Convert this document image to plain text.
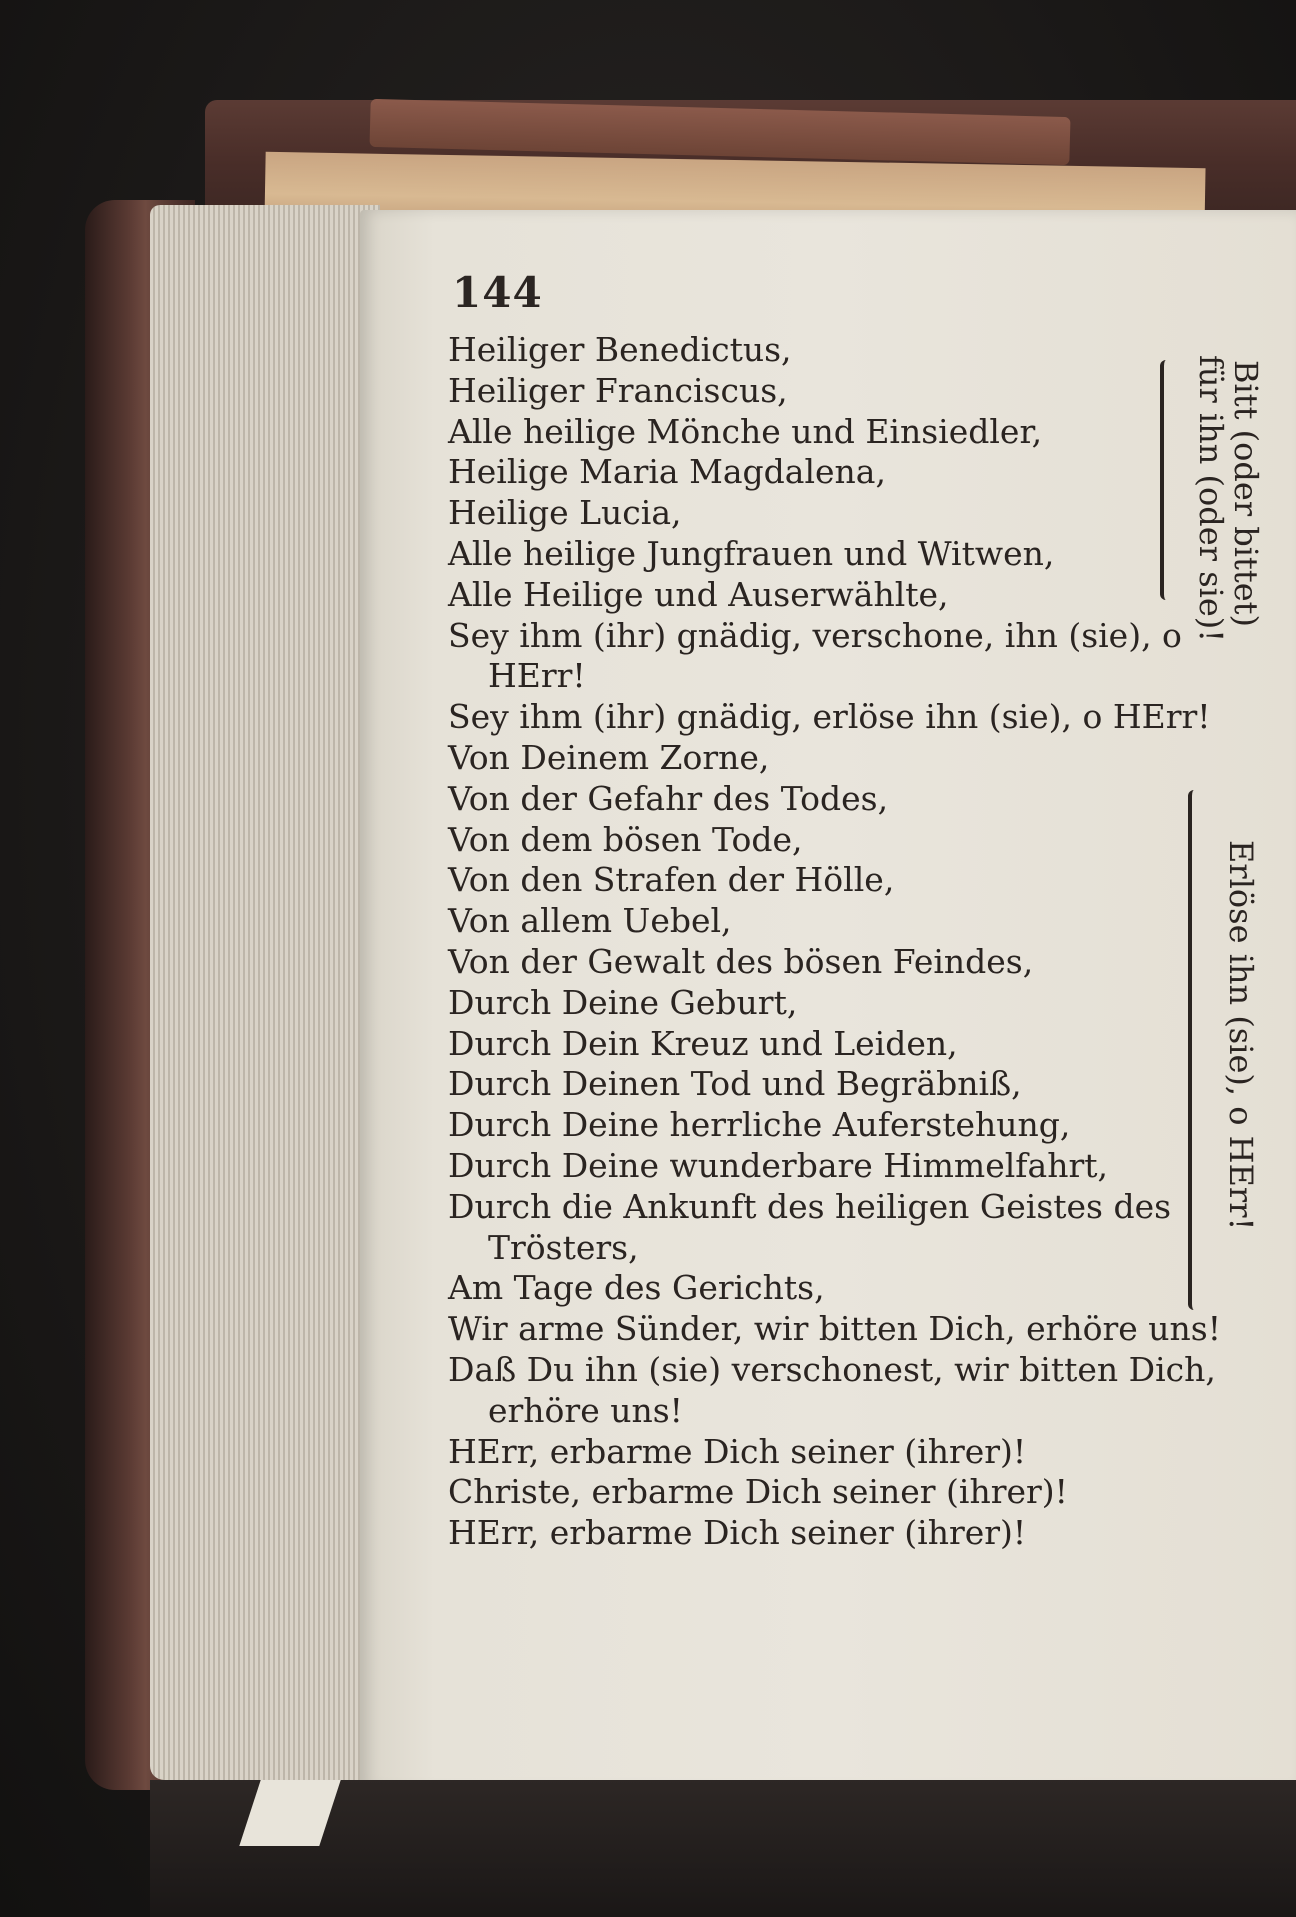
144
Heiliger Benedictus,
Heiliger Franciscus,
Alle heilige Mönche und Einsiedler,
Heilige Maria Magdalena,
Heilige Lucia,
Alle heilige Jungfrauen und Witwen,
Alle Heilige und Auserwählte,
Sey ihm (ihr) gnädig, verschone, ihn (sie), o
HErr!
Sey ihm (ihr) gnädig, erlöse ihn (sie), o HErr!
Von Deinem Zorne,
Von der Gefahr des Todes,
Von dem bösen Tode,
Von den Strafen der Hölle,
Von allem Uebel,
Von der Gewalt des bösen Feindes,
Durch Deine Geburt,
Durch Dein Kreuz und Leiden,
Durch Deinen Tod und Begräbniß,
Durch Deine herrliche Auferstehung,
Durch Deine wunderbare Himmelfahrt,
Durch die Ankunft des heiligen Geistes des
Trösters,
Am Tage des Gerichts,
Wir arme Sünder, wir bitten Dich, erhöre uns!
Daß Du ihn (sie) verschonest, wir bitten Dich,
erhöre uns!
HErr, erbarme Dich seiner (ihrer)!
Christe, erbarme Dich seiner (ihrer)!
HErr, erbarme Dich seiner (ihrer)!
Bitt (oder bittet)
für ihn (oder sie)!
Erlöse ihn (sie), o HErr!
